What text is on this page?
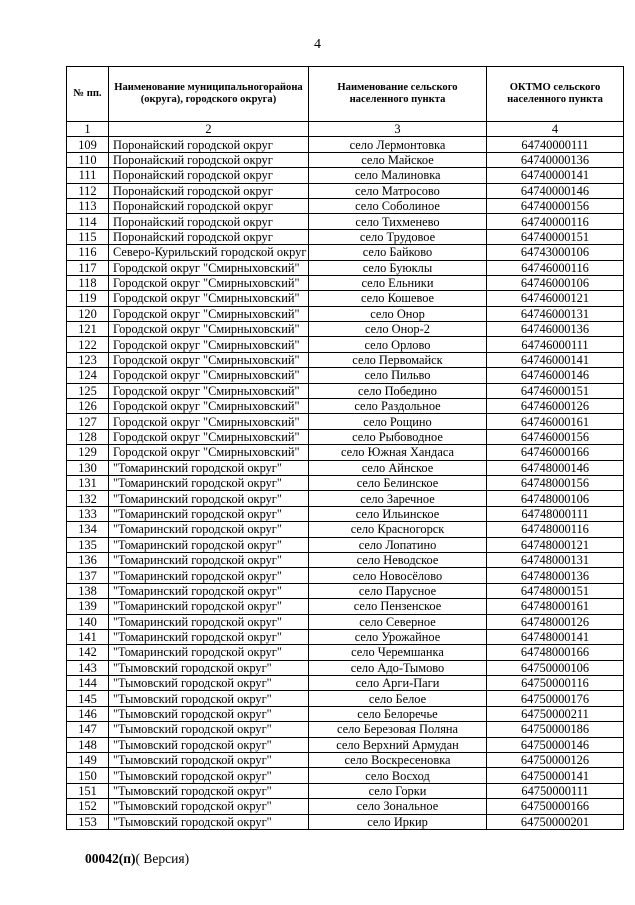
4
№ пп.	Наименование муниципальногорайона (округа), городского округа)	Наименование сельского населенного пункта	ОКТМО сельского населенного пункта
1	2	3	4
109	Поронайский городской округ	село Лермонтовка	64740000111
110	Поронайский городской округ	село Майское	64740000136
111	Поронайский городской округ	село Малиновка	64740000141
112	Поронайский городской округ	село Матросово	64740000146
113	Поронайский городской округ	село Соболиное	64740000156
114	Поронайский городской округ	село Тихменево	64740000116
115	Поронайский городской округ	село Трудовое	64740000151
116	Северо-Курильский городской округ	село Байково	64743000106
117	Городской округ "Смирныховский"	село Буюклы	64746000116
118	Городской округ "Смирныховский"	село Ельники	64746000106
119	Городской округ "Смирныховский"	село Кошевое	64746000121
120	Городской округ "Смирныховский"	село Онор	64746000131
121	Городской округ "Смирныховский"	село Онор-2	64746000136
122	Городской округ "Смирныховский"	село Орлово	64746000111
123	Городской округ "Смирныховский"	село Первомайск	64746000141
124	Городской округ "Смирныховский"	село Пильво	64746000146
125	Городской округ "Смирныховский"	село Победино	64746000151
126	Городской округ "Смирныховский"	село Раздольное	64746000126
127	Городской округ "Смирныховский"	село Рощино	64746000161
128	Городской округ "Смирныховский"	село Рыбоводное	64746000156
129	Городской округ "Смирныховский"	село Южная Хандаса	64746000166
130	"Томаринский городской округ"	село Айнское	64748000146
131	"Томаринский городской округ"	село Белинское	64748000156
132	"Томаринский городской округ"	село Заречное	64748000106
133	"Томаринский городской округ"	село Ильинское	64748000111
134	"Томаринский городской округ"	село Красногорск	64748000116
135	"Томаринский городской округ"	село Лопатино	64748000121
136	"Томаринский городской округ"	село Неводское	64748000131
137	"Томаринский городской округ"	село Новосёлово	64748000136
138	"Томаринский городской округ"	село Парусное	64748000151
139	"Томаринский городской округ"	село Пензенское	64748000161
140	"Томаринский городской округ"	село Северное	64748000126
141	"Томаринский городской округ"	село Урожайное	64748000141
142	"Томаринский городской округ"	село Черемшанка	64748000166
143	"Тымовский городской округ"	село Адо-Тымово	64750000106
144	"Тымовский городской округ"	село Арги-Паги	64750000116
145	"Тымовский городской округ"	село Белое	64750000176
146	"Тымовский городской округ"	село Белоречье	64750000211
147	"Тымовский городской округ"	село Березовая Поляна	64750000186
148	"Тымовский городской округ"	село Верхний Армудан	64750000146
149	"Тымовский городской округ"	село Воскресеновка	64750000126
150	"Тымовский городской округ"	село Восход	64750000141
151	"Тымовский городской округ"	село Горки	64750000111
152	"Тымовский городской округ"	село Зональное	64750000166
153	"Тымовский городской округ"	село Иркир	64750000201
00042(п)( Версия)
